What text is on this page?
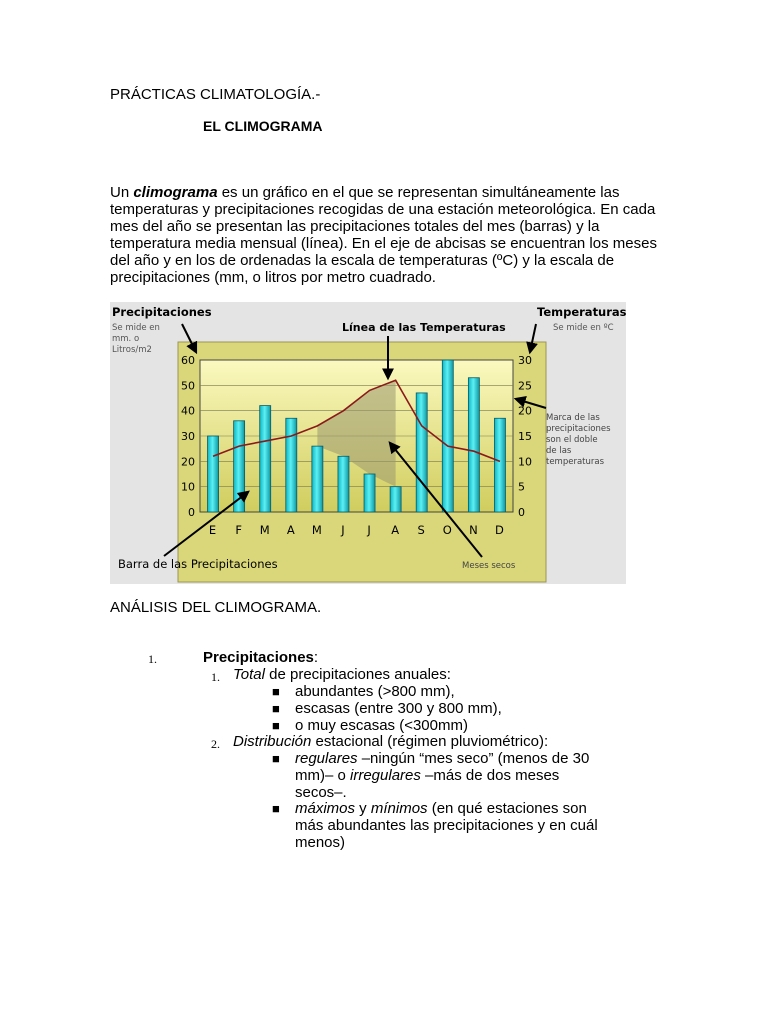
PRÁCTICAS CLIMATOLOGÍA.-
EL CLIMOGRAMA
Un climograma es un gráfico en el que se representan simultáneamente las temperaturas y precipitaciones recogidas de una estación meteorológica. En cada mes del año se presentan las precipitaciones totales del mes (barras) y la temperatura media mensual (línea). En el eje de abcisas se encuentran los meses del año y en los de ordenadas la escala de temperaturas (ºC) y la escala de precipitaciones (mm, o litros por metro cuadrado.
0
10
20
30
40
50
60
0
5
10
15
20
25
30
E F M A M J J A S O N D
Precipitaciones
Se mide en
mm. o
Litros/m2
Temperaturas
Se mide en ºC
Línea de las Temperaturas
Marca de las
precipitaciones
son el doble
de las
temperaturas
Barra de las Precipitaciones	Meses secos
ANÁLISIS DEL CLIMOGRAMA.
1.	Precipitaciones:
1. Total de precipitaciones anuales:
■ abundantes (>800 mm),
■ escasas (entre 300 y 800 mm),
■ o muy escasas (<300mm)
2. Distribución estacional (régimen pluviométrico):
■ regulares –ningún “mes seco” (menos de 30
mm)– o irregulares –más de dos meses
secos–.
■ máximos y mínimos (en qué estaciones son
más abundantes las precipitaciones y en cuál
menos)
